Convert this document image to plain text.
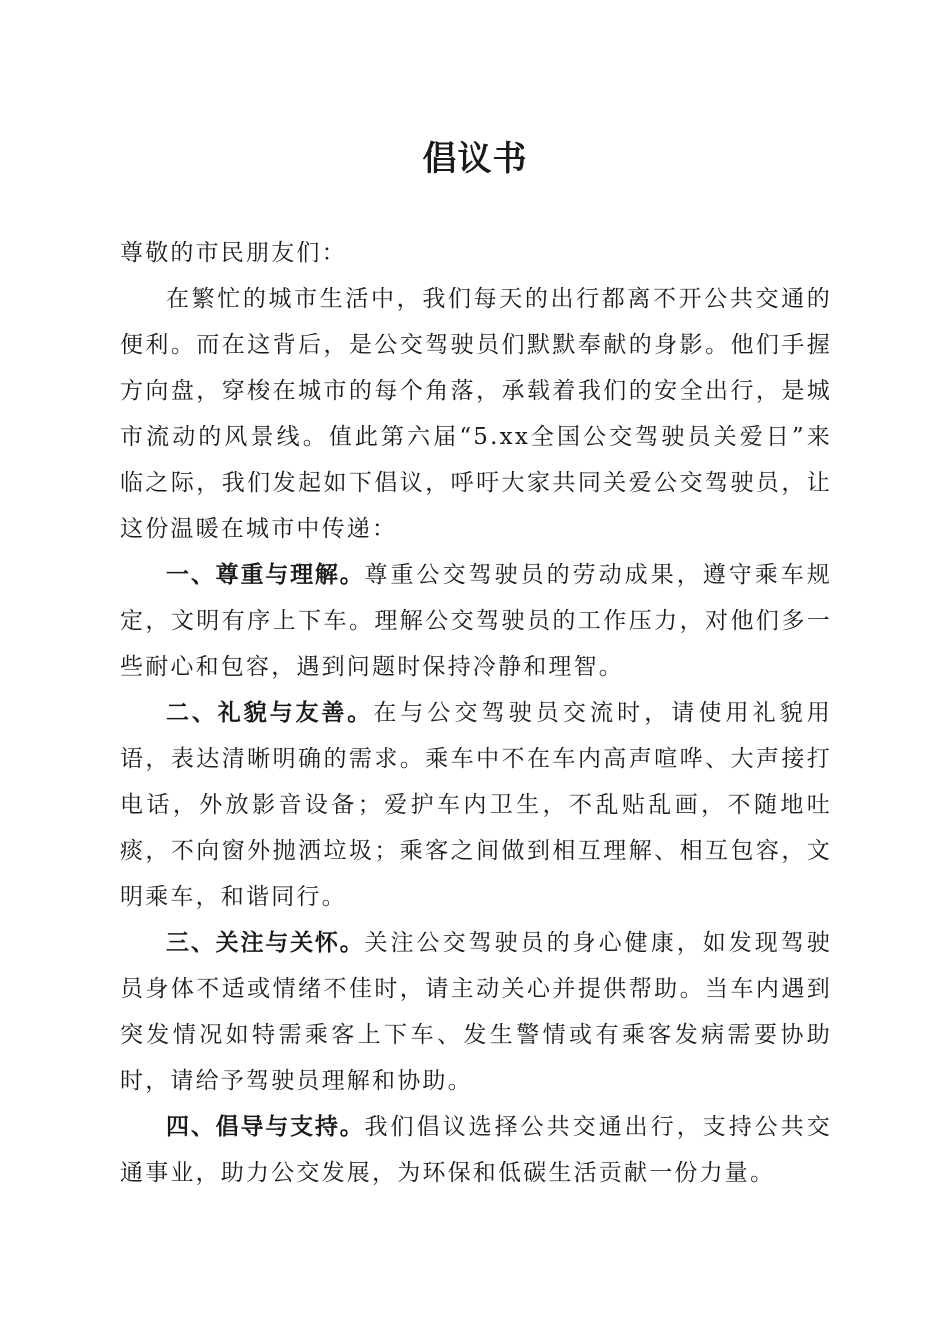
倡议书

尊敬的市民朋友们：

在繁忙的城市生活中，我们每天的出行都离不开公共交通的便利。而在这背后，是公交驾驶员们默默奉献的身影。他们手握方向盘，穿梭在城市的每个角落，承载着我们的安全出行，是城市流动的风景线。值此第六届“5.xx全国公交驾驶员关爱日”来临之际，我们发起如下倡议，呼吁大家共同关爱公交驾驶员，让这份温暖在城市中传递：

一、尊重与理解。尊重公交驾驶员的劳动成果，遵守乘车规定，文明有序上下车。理解公交驾驶员的工作压力，对他们多一些耐心和包容，遇到问题时保持冷静和理智。

二、礼貌与友善。在与公交驾驶员交流时，请使用礼貌用语，表达清晰明确的需求。乘车中不在车内高声喧哗、大声接打电话，外放影音设备；爱护车内卫生，不乱贴乱画，不随地吐痰，不向窗外抛洒垃圾；乘客之间做到相互理解、相互包容，文明乘车，和谐同行。

三、关注与关怀。关注公交驾驶员的身心健康，如发现驾驶员身体不适或情绪不佳时，请主动关心并提供帮助。当车内遇到突发情况如特需乘客上下车、发生警情或有乘客发病需要协助时，请给予驾驶员理解和协助。

四、倡导与支持。我们倡议选择公共交通出行，支持公共交通事业，助力公交发展，为环保和低碳生活贡献一份力量。
